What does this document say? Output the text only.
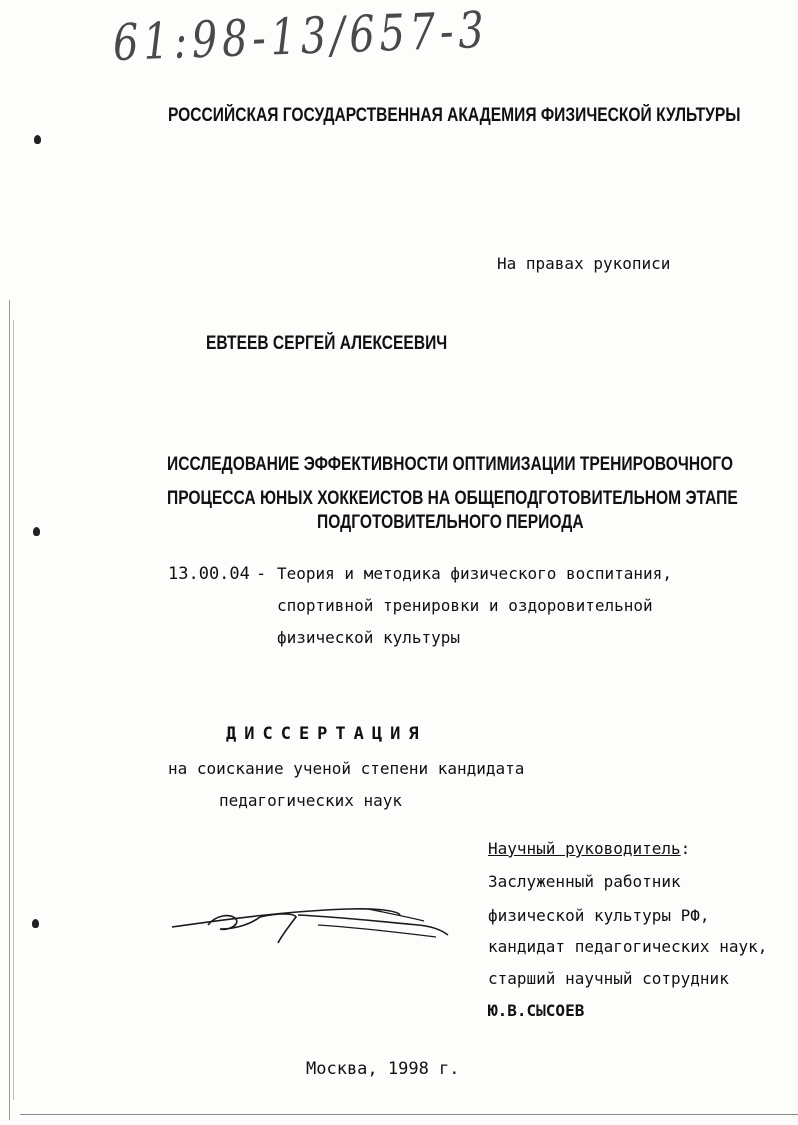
61:98-13/657-3
РОССИЙСКАЯ ГОСУДАРСТВЕННАЯ АКАДЕМИЯ ФИЗИЧЕСКОЙ КУЛЬТУРЫ
На правах рукописи
ЕВТЕЕВ СЕРГЕЙ АЛЕКСЕЕВИЧ
ИССЛЕДОВАНИЕ ЭФФЕКТИВНОСТИ ОПТИМИЗАЦИИ ТРЕНИРОВОЧНОГО
ПРОЦЕССА ЮНЫХ ХОККЕИСТОВ НА ОБЩЕПОДГОТОВИТЕЛЬНОМ ЭТАПЕ
ПОДГОТОВИТЕЛЬНОГО ПЕРИОДА
13.00.04 - Теория и методика физического воспитания,
спортивной тренировки и оздоровительной
физической культуры
ДИССЕРТАЦИЯ
на соискание ученой степени кандидата
педагогических наук
Научный руководитель:
Заслуженный работник
физической культуры РФ,
кандидат педагогических наук,
старший научный сотрудник
Ю.В.СЫСОЕВ
Москва, 1998 г.
